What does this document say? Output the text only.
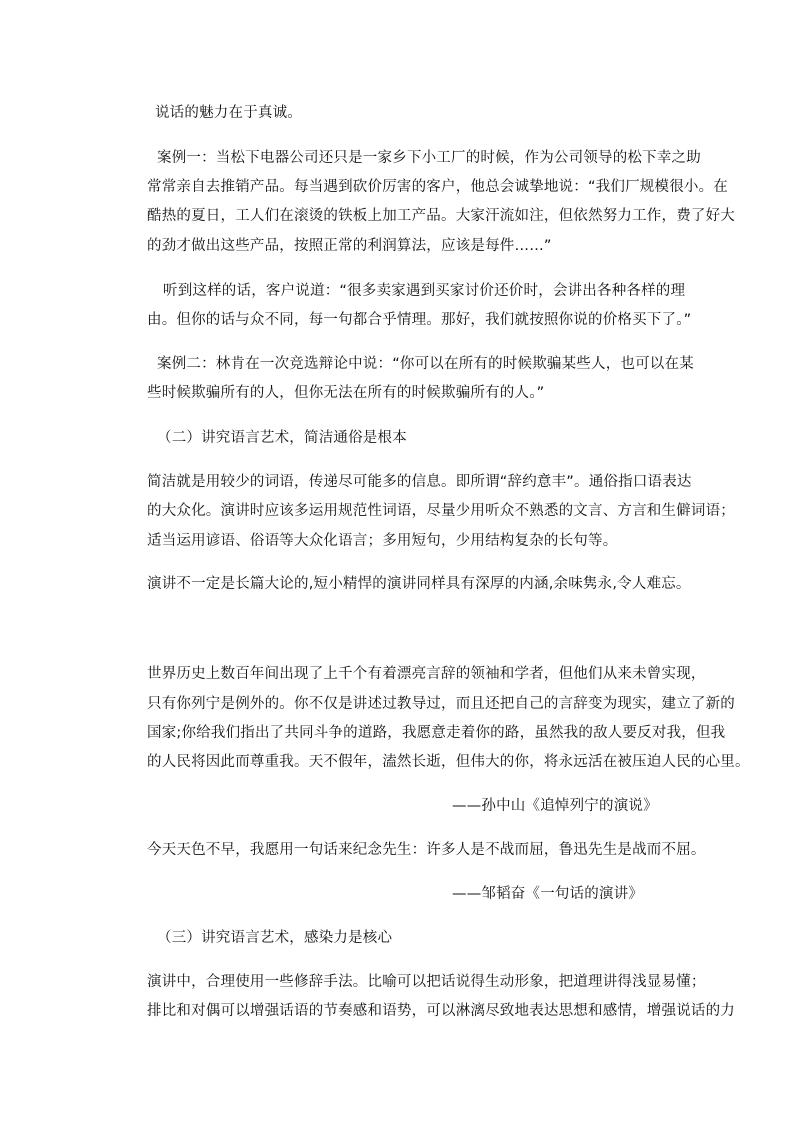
说话的魅力在于真诚。
案例一：当松下电器公司还只是一家乡下小工厂的时候，作为公司领导的松下幸之助
常常亲自去推销产品。每当遇到砍价厉害的客户，他总会诚挚地说：“我们厂规模很小。在
酷热的夏日，工人们在滚烫的铁板上加工产品。大家汗流如注，但依然努力工作，费了好大
的劲才做出这些产品，按照正常的利润算法，应该是每件……”
听到这样的话，客户说道：“很多卖家遇到买家讨价还价时，会讲出各种各样的理
由。但你的话与众不同，每一句都合乎情理。那好，我们就按照你说的价格买下了。”
案例二：林肯在一次竞选辩论中说：“你可以在所有的时候欺骗某些人，也可以在某
些时候欺骗所有的人，但你无法在所有的时候欺骗所有的人。”
（二）讲究语言艺术，简洁通俗是根本
简洁就是用较少的词语，传递尽可能多的信息。即所谓“辞约意丰”。通俗指口语表达
的大众化。演讲时应该多运用规范性词语，尽量少用听众不熟悉的文言、方言和生僻词语；
适当运用谚语、俗语等大众化语言；多用短句，少用结构复杂的长句等。
演讲不一定是长篇大论的,短小精悍的演讲同样具有深厚的内涵,余味隽永,令人难忘。
世界历史上数百年间出现了上千个有着漂亮言辞的领袖和学者，但他们从来未曾实现，
只有你列宁是例外的。你不仅是讲述过教导过，而且还把自己的言辞变为现实，建立了新的
国家;你给我们指出了共同斗争的道路，我愿意走着你的路，虽然我的敌人要反对我，但我
的人民将因此而尊重我。天不假年，溘然长逝，但伟大的你，将永远活在被压迫人民的心里。
——孙中山《追悼列宁的演说》
今天天色不早，我愿用一句话来纪念先生：许多人是不战而屈，鲁迅先生是战而不屈。
——邹韬奋《一句话的演讲》
（三）讲究语言艺术，感染力是核心
演讲中，合理使用一些修辞手法。比喻可以把话说得生动形象，把道理讲得浅显易懂；
排比和对偶可以增强话语的节奏感和语势，可以淋漓尽致地表达思想和感情，增强说话的力
